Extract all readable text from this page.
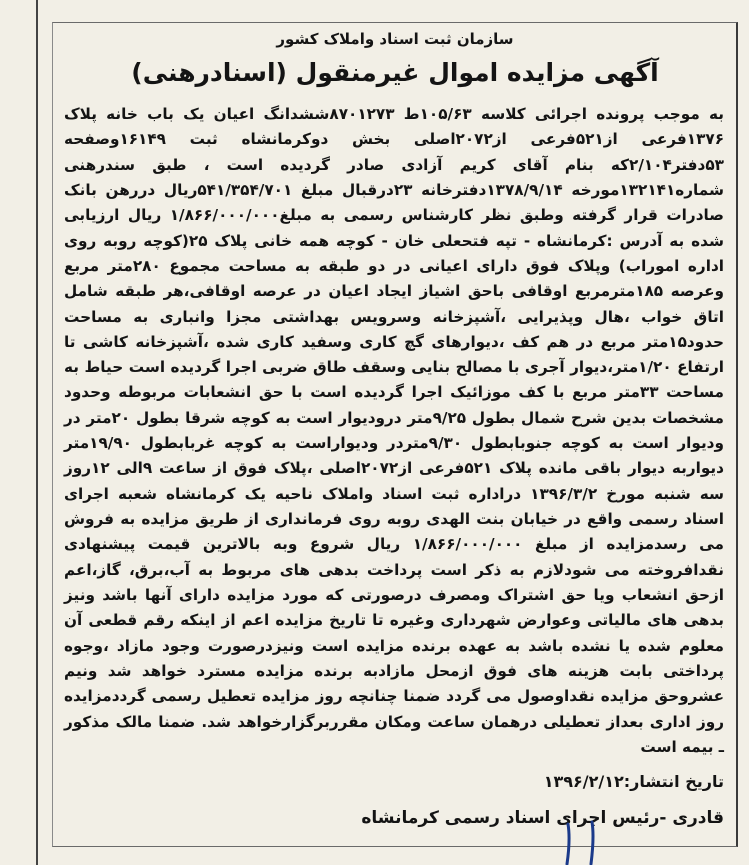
سازمان ثبت اسناد واملاک کشور
آگهی مزایده اموال غیرمنقول (اسنادرهنی)

به موجب پرونده اجرائی کلاسه ۱۰۵/۶۳ط ۸۷۰۱۲۷۳ششدانگ اعیان یک باب خانه پلاک ۱۳۷۶فرعی از۵۲۱فرعی از۲۰۷۲اصلی بخش دوکرمانشاه ثبت ۱۶۱۴۹وصفحه ۵۳دفتر۲/۱۰۴که بنام آقای کریم آزادی صادر گردیده است ، طبق سندرهنی شماره۱۳۲۱۴۱مورخه ۱۳۷۸/۹/۱۴دفترخانه ۲۳درقبال مبلغ ۵۴۱/۳۵۴/۷۰۱ریال دررهن بانک صادرات قرار گرفته وطبق نظر کارشناس رسمی به مبلغ۱/۸۶۶/۰۰۰/۰۰۰ ریال ارزیابی شده به آدرس :کرمانشاه - تپه فتحعلی خان - کوچه همه خانی پلاک ۲۵(کوچه روبه روی اداره اموراب) وپلاک فوق دارای اعیانی در دو طبقه به مساحت مجموع ۲۸۰متر مربع وعرصه ۱۸۵مترمربع اوقافی باحق اشیاز ایجاد اعیان در عرصه اوقافی،هر طبقه شامل اتاق خواب ،هال وپذیرایی ،آشپزخانه وسرویس بهداشتی مجزا وانباری به مساحت حدود۱۵متر مربع در هم کف ،دیوارهای گچ کاری وسفید کاری شده ،آشپزخانه کاشی تا ارتفاع ۱/۲۰متر،دیوار آجری با مصالح بنایی وسقف طاق ضربی اجرا گردیده است حیاط به مساحت ۳۳متر مربع با کف موزائیک اجرا گردیده است با حق انشعابات مربوطه وحدود مشخصات بدین شرح شمال بطول ۹/۲۵متر درودیوار است به کوچه شرقا بطول ۲۰متر در ودیوار است به کوچه جنوبابطول ۹/۳۰متردر ودیواراست به کوچه غربابطول ۱۹/۹۰متر دیواربه دیوار باقی مانده پلاک ۵۲۱فرعی از۲۰۷۲اصلی ،پلاک فوق از ساعت ۹الی ۱۲روز سه شنبه مورخ ۱۳۹۶/۳/۲ دراداره ثبت اسناد واملاک ناحیه یک کرمانشاه شعبه اجرای اسناد رسمی واقع در خیابان بنت الهدی روبه روی فرمانداری از طریق مزایده به فروش می رسدمزایده از مبلغ ۱/۸۶۶/۰۰۰/۰۰۰ ریال شروع وبه بالاترین قیمت پیشنهادی نقدافروخته می شودلازم به ذکر است پرداخت بدهی های مربوط به آب،برق، گاز،اعم ازحق انشعاب ویا حق اشتراک ومصرف درصورتی که مورد مزایده دارای آنها باشد ونیز بدهی های مالیاتی وعوارض شهرداری وغیره تا تاریخ مزایده اعم از اینکه رقم قطعی آن معلوم شده یا نشده باشد به عهده برنده مزایده است ونیزدرصورت وجود مازاد ،وجوه پرداختی بابت هزینه های فوق ازمحل مازادبه برنده مزایده مسترد خواهد شد ونیم عشروحق مزایده نقداوصول می گردد ضمنا چنانچه روز مزایده تعطیل رسمی گرددمزایده روز اداری بعداز تعطیلی درهمان ساعت ومکان مقرربرگزارخواهد شد. ضمنا مالک مذکور ـ بیمه است

تاریخ انتشار:۱۳۹۶/۲/۱۲
قادری -رئیس اجرای اسناد رسمی کرمانشاه
